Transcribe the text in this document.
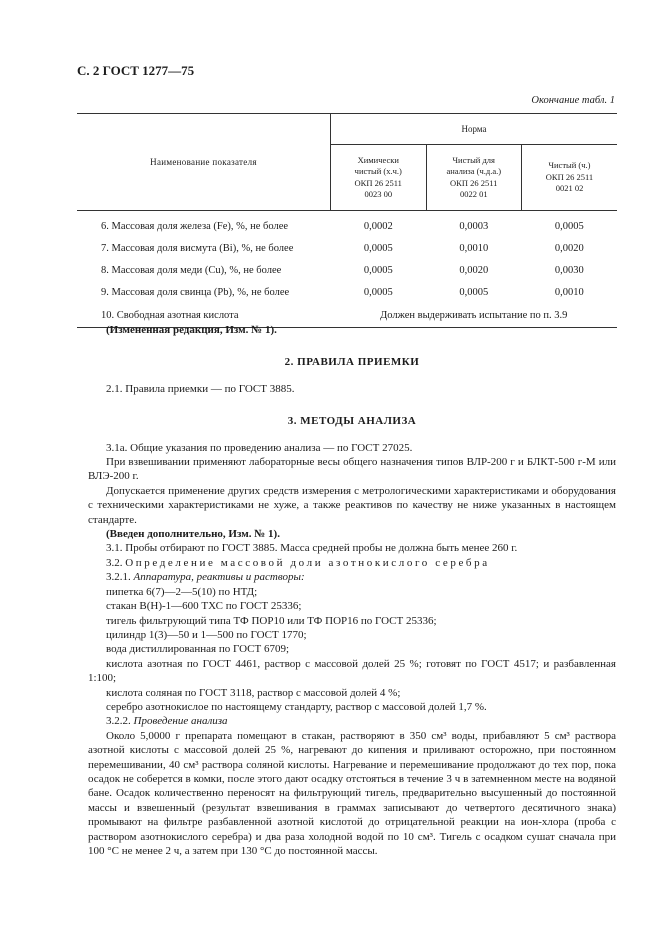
С. 2 ГОСТ 1277—75
Окончание табл. 1
Наименование показателя	Норма		
	Химически
чистый (х.ч.)
ОКП 26 2511
0023 00	Чистый для
анализа (ч.д.а.)
ОКП 26 2511
0022 01	Чистый (ч.)
ОКП 26 2511
0021 02
6. Массовая доля железа (Fe), %, не более	0,0002	0,0003	0,0005
7. Массовая доля висмута (Bi), %, не более	0,0005	0,0010	0,0020
8. Массовая доля меди (Cu), %, не более	0,0005	0,0020	0,0030
9. Массовая доля свинца (Pb), %, не более	0,0005	0,0005	0,0010
10. Свободная азотная кислота	Должен выдерживать испытание по п. 3.9		

(Измененная редакция, Изм. № 1).

2. ПРАВИЛА ПРИЕМКИ

2.1. Правила приемки — по ГОСТ 3885.

3. МЕТОДЫ АНАЛИЗА

3.1а. Общие указания по проведению анализа — по ГОСТ 27025.

При взвешивании применяют лабораторные весы общего назначения типов ВЛР-200 г и БЛКТ-500 г-М или ВЛЭ-200 г.

Допускается применение других средств измерения с метрологическими характеристиками и оборудования с техническими характеристиками не хуже, а также реактивов по качеству не ниже указанных в настоящем стандарте.

(Введен дополнительно, Изм. № 1).

3.1. Пробы отбирают по ГОСТ 3885. Масса средней пробы не должна быть менее 260 г.

3.2. Определение массовой доли азотнокислого серебра

3.2.1. Аппаратура, реактивы и растворы:

пипетка 6(7)—2—5(10) по НТД;

стакан В(Н)-1—600 ТХС по ГОСТ 25336;

тигель фильтрующий типа ТФ ПОР10 или ТФ ПОР16 по ГОСТ 25336;

цилиндр 1(3)—50 и 1—500 по ГОСТ 1770;

вода дистиллированная по ГОСТ 6709;

кислота азотная по ГОСТ 4461, раствор с массовой долей 25 %; готовят по ГОСТ 4517; и разбавленная 1:100;

кислота соляная по ГОСТ 3118, раствор с массовой долей 4 %;

серебро азотнокислое по настоящему стандарту, раствор с массовой долей 1,7 %.

3.2.2. Проведение анализа

Около 5,0000 г препарата помещают в стакан, растворяют в 350 см³ воды, прибавляют 5 см³ раствора азотной кислоты с массовой долей 25 %, нагревают до кипения и приливают осторожно, при постоянном перемешивании, 40 см³ раствора соляной кислоты. Нагревание и перемешивание продолжают до тех пор, пока осадок не соберется в комки, после этого дают осадку отстояться в течение 3 ч в затемненном месте на водяной бане. Осадок количественно переносят на фильтрующий тигель, предварительно высушенный до постоянной массы и взвешенный (результат взвешивания в граммах записывают до четвертого десятичного знака) промывают на фильтре разбавленной азотной кислотой до отрицательной реакции на ион-хлора (проба с раствором азотнокислого серебра) и два раза холодной водой по 10 см³. Тигель с осадком сушат сначала при 100 °С не менее 2 ч, а затем при 130 °С до постоянной массы.
